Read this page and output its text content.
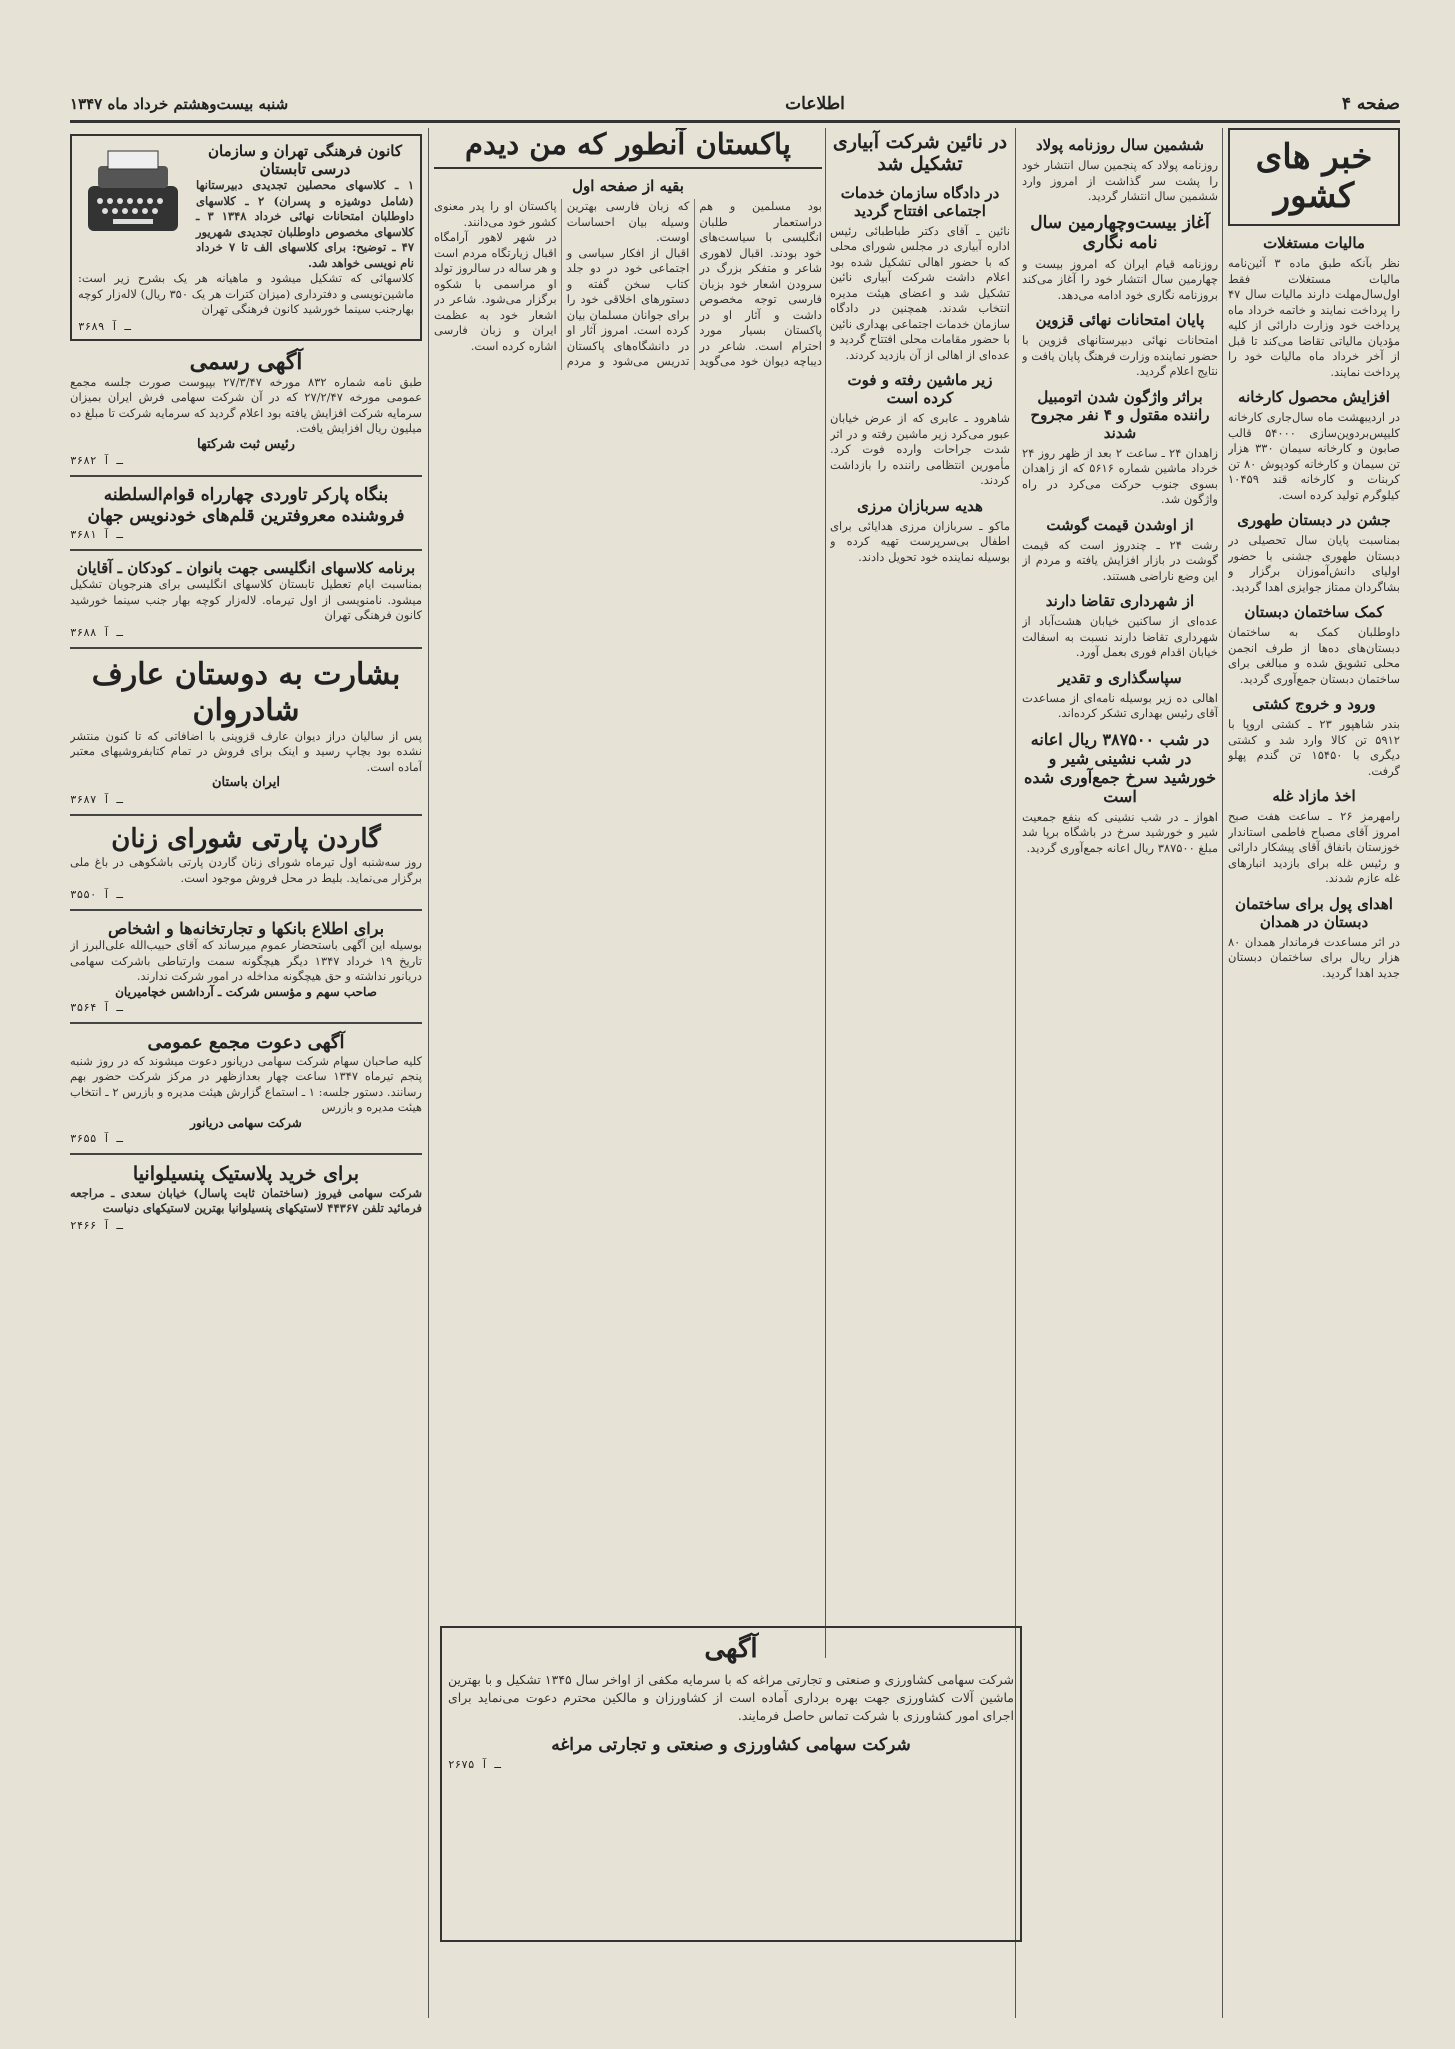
صفحه ۴
اطلاعات
شنبه بیست‌وهشتم خرداد ماه ۱۳۴۷
خبر های کشور
مالیات مستغلات

نظر بآنکه طبق ماده ۳ آئین‌نامه مالیات مستغلات فقط اول‌سال‌مهلت دارند مالیات سال ۴۷ را پرداخت نمایند و خاتمه خرداد ماه پرداخت خود وزارت دارائی از کلیه مؤدیان مالیاتی تقاضا می‌کند تا قبل از آخر خرداد ماه مالیات خود را پرداخت نمایند.

افزایش محصول کارخانه

در اردیبهشت ماه سال‌جاری کارخانه کلیپس‌بردوین‌سازی ۵۴۰۰۰ قالب صابون و کارخانه سیمان ۳۳۰ هزار تن سیمان و کارخانه کودپوش ۸۰ تن کربنات و کارخانه قند ۱۰۴۵۹ کیلوگرم تولید کرده است.

جشن در دبستان طهوری

بمناسبت پایان سال تحصیلی در دبستان طهوری جشنی با حضور اولیای دانش‌آموزان برگزار و بشاگردان ممتاز جوایزی اهدا گردید.

کمک ساختمان دبستان

داوطلبان کمک به ساختمان دبستان‌های ده‌ها از طرف انجمن محلی تشویق شده و مبالغی برای ساختمان دبستان جمع‌آوری گردید.

ورود و خروج کشتی

بندر شاهپور ۲۳ ـ کشتی اروپا با ۵۹۱۲ تن کالا وارد شد و کشتی دیگری با ۱۵۴۵۰ تن گندم پهلو گرفت.

اخذ مازاد غله

رامهرمز ۲۶ ـ ساعت هفت صبح امروز آقای مصباح فاطمی استاندار خوزستان بانفاق آقای پیشکار دارائی و رئیس غله برای بازدید انبارهای غله عازم شدند.

اهدای پول برای ساختمان دبستان در همدان

در اثر مساعدت فرماندار همدان ۸۰ هزار ریال برای ساختمان دبستان جدید اهدا گردید.

ششمین سال روزنامه پولاد

روزنامه پولاد که پنجمین سال انتشار خود را پشت سر گذاشت از امروز وارد ششمین سال انتشار گردید.

آغاز بیست‌وچهارمین سال نامه نگاری

روزنامه قیام ایران که امروز بیست و چهارمین سال انتشار خود را آغاز می‌کند بروزنامه نگاری خود ادامه می‌دهد.

پایان امتحانات نهائی قزوین

امتحانات نهائی دبیرستانهای قزوین با حضور نماینده وزارت فرهنگ پایان یافت و نتایج اعلام گردید.

براثر واژگون شدن اتومبیل راننده مقتول و ۴ نفر مجروح شدند

زاهدان ۲۴ ـ ساعت ۲ بعد از ظهر روز ۲۴ خرداد ماشین شماره ۵۶۱۶ که از زاهدان بسوی جنوب حرکت می‌کرد در راه واژگون شد.

از اوشدن قیمت گوشت

رشت ۲۴ ـ چندروز است که قیمت گوشت در بازار افزایش یافته و مردم از این وضع ناراضی هستند.

از شهرداری تقاضا دارند

عده‌ای از ساکنین خیابان هشت‌آباد از شهرداری تقاضا دارند نسبت به اسفالت خیابان اقدام فوری بعمل آورد.

سپاسگذاری و تقدیر

اهالی ده زیر بوسیله نامه‌ای از مساعدت آقای رئیس بهداری تشکر کرده‌اند.

در شب ۳۸۷۵۰۰ ریال اعانه در شب نشینی شیر و خورشید سرخ جمع‌آوری شده است

اهواز ـ در شب نشینی که بنفع جمعیت شیر و خورشید سرخ در باشگاه برپا شد مبلغ ۳۸۷۵۰۰ ریال اعانه جمع‌آوری گردید.

در نائین شرکت آبیاری تشکیل شد
در دادگاه سازمان خدمات اجتماعی افتتاح گردید

نائین ـ آقای دکتر طباطبائی رئیس اداره آبیاری در مجلس شورای محلی که با حضور اهالی تشکیل شده بود اعلام داشت شرکت آبیاری نائین تشکیل شد و اعضای هیئت مدیره انتخاب شدند. همچنین در دادگاه سازمان خدمات اجتماعی بهداری نائین با حضور مقامات محلی افتتاح گردید و عده‌ای از اهالی از آن بازدید کردند.

زیر ماشین رفته و فوت کرده است

شاهرود ـ عابری که از عرض خیابان عبور می‌کرد زیر ماشین رفته و در اثر شدت جراحات وارده فوت کرد. مأمورین انتظامی راننده را بازداشت کردند.

هدیه سربازان مرزی

ماکو ـ سربازان مرزی هدایائی برای اطفال بی‌سرپرست تهیه کرده و بوسیله نماینده خود تحویل دادند.

پاکستان آنطور که من دیدم
بقیه از صفحه اول

بود مسلمین و هم دراستعمار طلبان انگلیسی با سیاست‌های خود بودند. اقبال لاهوری شاعر و متفکر بزرگ در سرودن اشعار خود بزبان فارسی توجه مخصوص داشت و آثار او در پاکستان بسیار مورد احترام است. شاعر در دیباچه دیوان خود می‌گوید که زبان فارسی بهترین وسیله بیان احساسات اوست.

اقبال از افکار سیاسی و اجتماعی خود در دو جلد کتاب سخن گفته و دستورهای اخلاقی خود را برای جوانان مسلمان بیان کرده است. امروز آثار او در دانشگاه‌های پاکستان تدریس می‌شود و مردم پاکستان او را پدر معنوی کشور خود می‌دانند.

در شهر لاهور آرامگاه اقبال زیارتگاه مردم است و هر ساله در سالروز تولد او مراسمی با شکوه برگزار می‌شود. شاعر در اشعار خود به عظمت ایران و زبان فارسی اشاره کرده است.

آگهی

شرکت سهامی کشاورزی و صنعتی و تجارتی مراغه که با سرمایه مکفی از اواخر سال ۱۳۴۵ تشکیل و با بهترین ماشین آلات کشاورزی جهت بهره برداری آماده است از کشاورزان و مالکین محترم دعوت می‌نماید برای اجرای امور کشاورزی با شرکت تماس حاصل فرمایند.

شرکت سهامی کشاورزی و صنعتی و تجارتی مراغه
۲۶۷۵ ـ آ
کانون فرهنگی تهران و سازمان درسی تابستان

۱ ـ کلاسهای محصلین تجدیدی دبیرستانها (شامل دوشیزه و پسران) ۲ ـ کلاسهای داوطلبان امتحانات نهائی خرداد ۱۳۴۸ ۳ ـ کلاسهای مخصوص داوطلبان تجدیدی شهریور ۴۷ ـ توضیح: برای کلاسهای الف تا ۷ خرداد نام نویسی خواهد شد.

کلاسهائی که تشکیل میشود و ماهیانه هر یک بشرح زیر است: ماشین‌نویسی و دفترداری (میزان کترات هر یک ۳۵۰ ریال) لاله‌زار کوچه بهارجنب سینما خورشید کانون فرهنگی تهران

۳۶۸۹ ـ آ
آگهی رسمی

طبق نامه شماره ۸۳۲ مورخه ۲۷/۳/۴۷ بپیوست صورت جلسه مجمع عمومی مورخه ۲۷/۲/۴۷ که در آن شرکت سهامی فرش ایران بمیزان سرمایه شرکت افزایش یافته بود اعلام گردید که سرمایه شرکت تا مبلغ ده میلیون ریال افزایش یافت.

رئیس ثبت شرکتها
۳۶۸۲ ـ آ
بنگاه پارکر تاوردی چهارراه قوام‌السلطنه فروشنده معروفترین قلم‌های خودنویس جهان
۳۶۸۱ ـ آ
برنامه کلاسهای انگلیسی جهت بانوان ـ کودکان ـ آقایان

بمناسبت ایام تعطیل تابستان کلاسهای انگلیسی برای هنرجویان تشکیل میشود. نامنویسی از اول تیرماه. لاله‌زار کوچه بهار جنب سینما خورشید کانون فرهنگی تهران

۳۶۸۸ ـ آ
بشارت به دوستان عارف شادروان

پس از سالیان دراز دیوان عارف قزوینی با اضافاتی که تا کنون منتشر نشده بود بچاپ رسید و اینک برای فروش در تمام کتابفروشیهای معتبر آماده است.

ایران باستان
۳۶۸۷ ـ آ
گاردن پارتی شورای زنان

روز سه‌شنبه اول تیرماه شورای زنان گاردن پارتی باشکوهی در باغ ملی برگزار می‌نماید. بلیط در محل فروش موجود است.

۳۵۵۰ ـ آ
برای اطلاع بانکها و تجارتخانه‌ها و اشخاص

بوسیله این آگهی باستحضار عموم میرساند که آقای حبیب‌الله علی‌البرز از تاریخ ۱۹ خرداد ۱۳۴۷ دیگر هیچگونه سمت وارتباطی باشرکت سهامی دریانور نداشته و حق هیچگونه مداخله در امور شرکت ندارند.

صاحب سهم و مؤسس شرکت ـ آرداشس خچامیریان
۳۵۶۴ ـ آ
آگهی دعوت مجمع عمومی

کلیه صاحبان سهام شرکت سهامی دریانور دعوت میشوند که در روز شنبه پنجم تیرماه ۱۳۴۷ ساعت چهار بعدازظهر در مرکز شرکت حضور بهم رسانند. دستور جلسه: ۱ ـ استماع گزارش هیئت مدیره و بازرس ۲ ـ انتخاب هیئت مدیره و بازرس

شرکت سهامی دریانور
۳۶۵۵ ـ آ
برای خرید پلاستیک پنسیلوانیا

شرکت سهامی فیروز (ساختمان ثابت پاسال) خیابان سعدی ـ مراجعه فرمائید تلفن ۴۴۳۶۷ لاستیکهای پنسیلوانیا بهترین لاستیکهای دنیاست

۲۴۶۶ ـ آ
